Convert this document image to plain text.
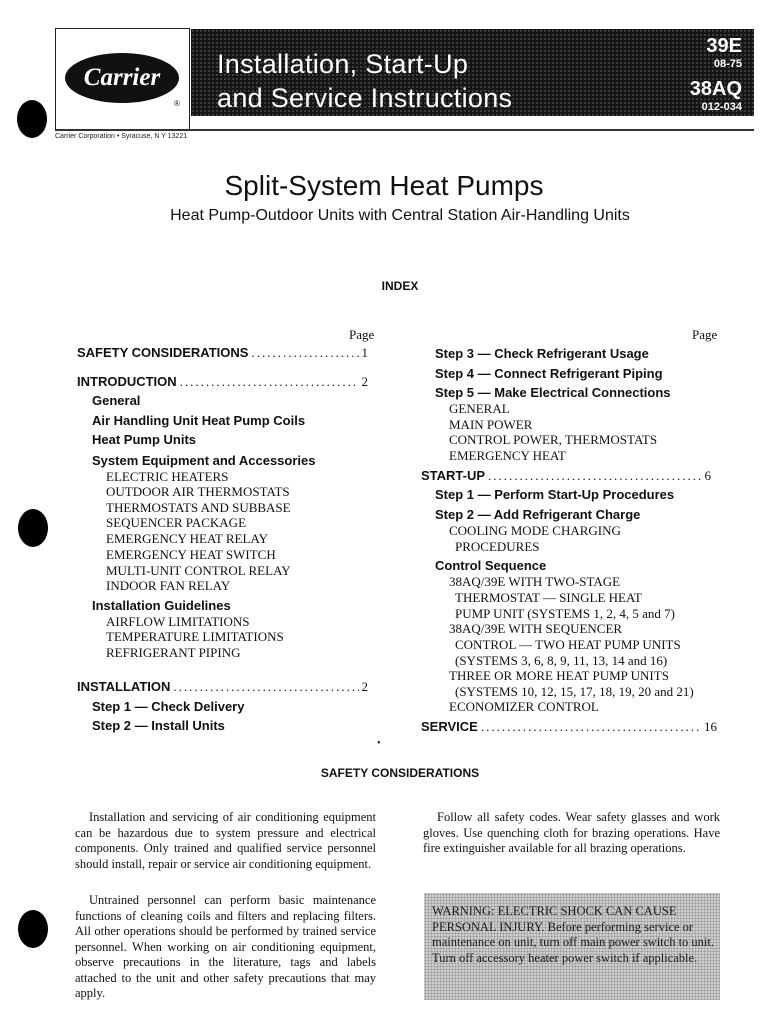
Carrier
®
Installation, Start-Up
and Service Instructions
39E
08-75
38AQ
012-034
Carrier Corporation • Syracuse, N Y 13221
Split-System Heat Pumps
Heat Pump-Outdoor Units with Central Station Air-Handling Units
INDEX
Page
SAFETY CONSIDERATIONS .....	1
INTRODUCTION .....	2
General
Air Handling Unit Heat Pump Coils
Heat Pump Units
System Equipment and Accessories
ELECTRIC HEATERS
OUTDOOR AIR THERMOSTATS
THERMOSTATS AND SUBBASE
SEQUENCER PACKAGE
EMERGENCY HEAT RELAY
EMERGENCY HEAT SWITCH
MULTI-UNIT CONTROL RELAY
INDOOR FAN RELAY
Installation Guidelines
AIRFLOW LIMITATIONS
TEMPERATURE LIMITATIONS
REFRIGERANT PIPING
INSTALLATION .....	2
Step 1 — Check Delivery
Step 2 — Install Units
Page
Step 3 — Check Refrigerant Usage
Step 4 — Connect Refrigerant Piping
Step 5 — Make Electrical Connections
GENERAL
MAIN POWER
CONTROL POWER, THERMOSTATS
EMERGENCY HEAT
START-UP .....	6
Step 1 — Perform Start-Up Procedures
Step 2 — Add Refrigerant Charge
COOLING MODE CHARGING
PROCEDURES
Control Sequence
38AQ/39E WITH TWO-STAGE
THERMOSTAT — SINGLE HEAT
PUMP UNIT (SYSTEMS 1, 2, 4, 5 and 7)
38AQ/39E WITH SEQUENCER
CONTROL — TWO HEAT PUMP UNITS
(SYSTEMS 3, 6, 8, 9, 11, 13, 14 and 16)
THREE OR MORE HEAT PUMP UNITS
(SYSTEMS 10, 12, 15, 17, 18, 19, 20 and 21)
ECONOMIZER CONTROL
SERVICE .....	16
•
SAFETY CONSIDERATIONS
Installation and servicing of air conditioning equipment can be hazardous due to system pressure and electrical components. Only trained and qualified service personnel should install, repair or service air conditioning equipment.
Untrained personnel can perform basic maintenance functions of cleaning coils and filters and replacing filters. All other operations should be performed by trained service personnel. When working on air conditioning equipment, observe precautions in the literature, tags and labels attached to the unit and other safety precautions that may apply.
Follow all safety codes. Wear safety glasses and work gloves. Use quenching cloth for brazing operations. Have fire extinguisher available for all brazing operations.
WARNING: ELECTRIC SHOCK CAN CAUSE PERSONAL INJURY. Before performing service or maintenance on unit, turn off main power switch to unit. Turn off accessory heater power switch if applicable.
